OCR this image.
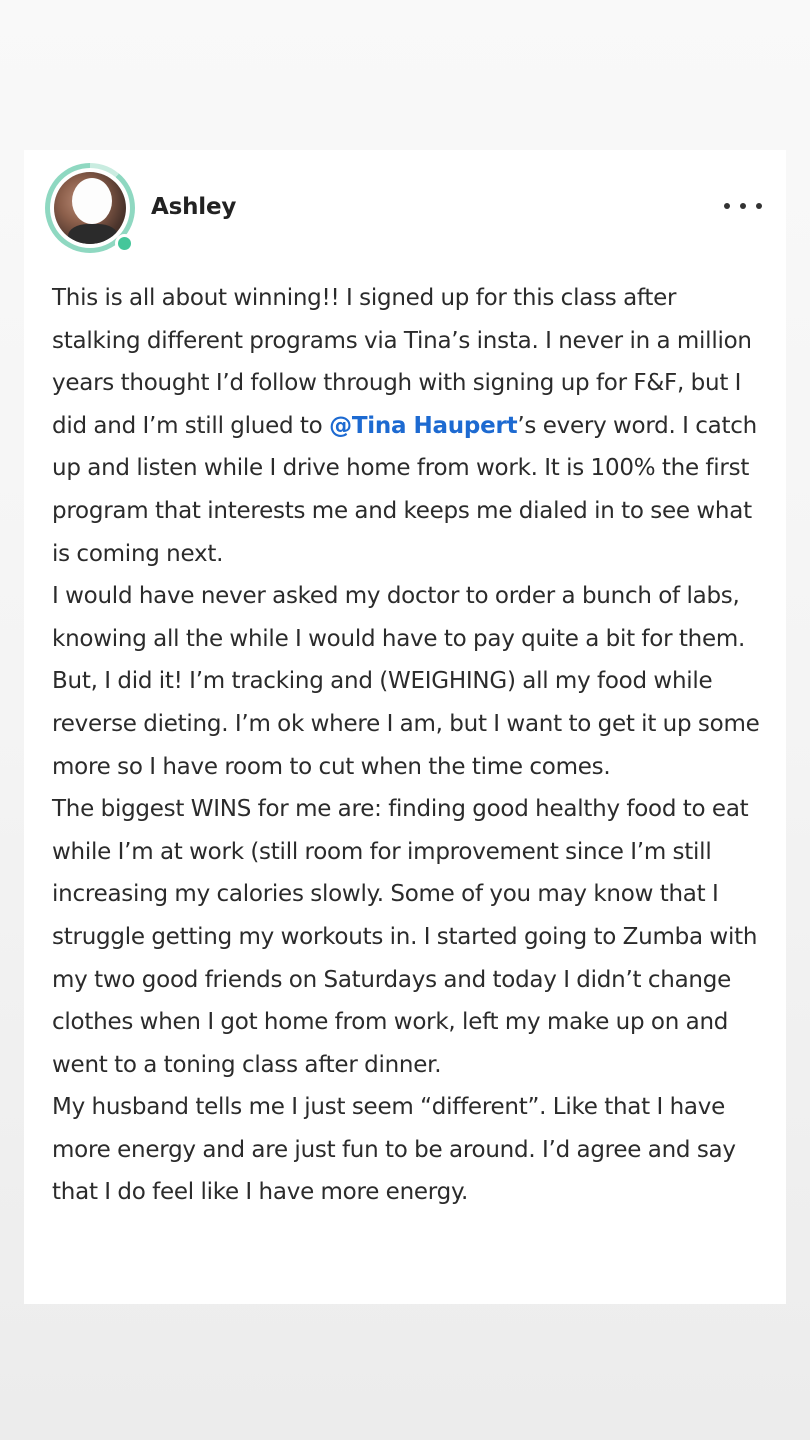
Ashley

This is all about winning!! I signed up for this class after stalking different programs via Tina’s insta. I never in a million years thought I’d follow through with signing up for F&F, but I did and I’m still glued to @Tina Haupert’s every word. I catch up and listen while I drive home from work. It is 100% the first program that interests me and keeps me dialed in to see what is coming next.

I would have never asked my doctor to order a bunch of labs, knowing all the while I would have to pay quite a bit for them. But, I did it! I’m tracking and (WEIGHING) all my food while reverse dieting. I’m ok where I am, but I want to get it up some more so I have room to cut when the time comes.

The biggest WINS for me are: finding good healthy food to eat while I’m at work (still room for improvement since I’m still increasing my calories slowly. Some of you may know that I struggle getting my workouts in. I started going to Zumba with my two good friends on Saturdays and today I didn’t change clothes when I got home from work, left my make up on and went to a toning class after dinner.

My husband tells me I just seem “different”. Like that I have more energy and are just fun to be around. I’d agree and say that I do feel like I have more energy.
